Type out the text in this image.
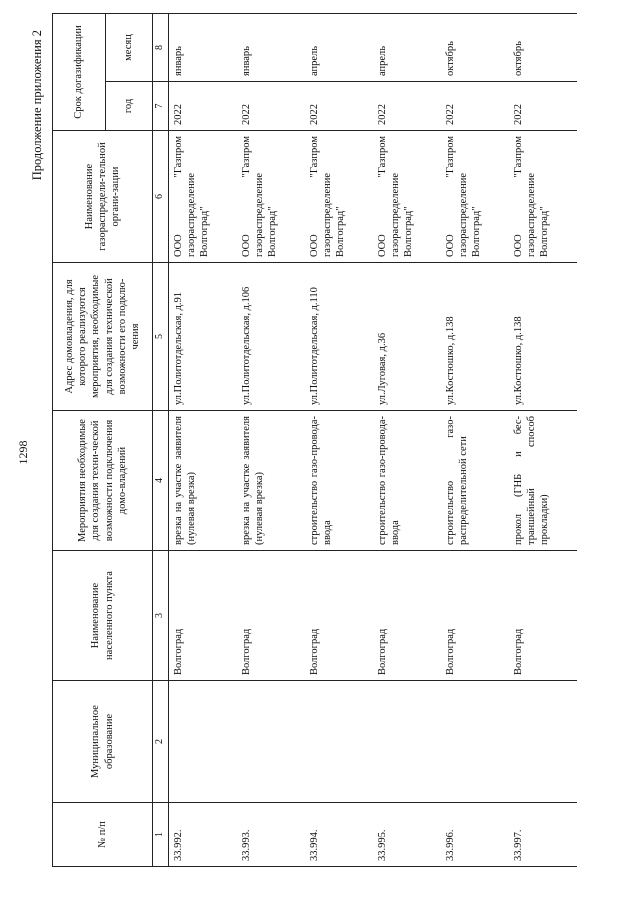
1298
Продолжение приложения 2
№ п/п	Муниципальное образование	Наименование населенного пункта	Мероприятия необходимые для создания техни-ческой возможности подключения домо-владений	Адрес домовладения, для которого реализуются мероприятия, необходимые для создания технической возможности его подклю-чения	Наименование газораспредели-тельной органи-зации	Срок догазификации	
						год	месяц
1	2	3	4	5	6	7	8
33.992.		Волгоград	врезка на участке заявителя (нулевая врезка)	ул.Политотдельская, д.91	ООО "Газпром газораспределение Волгоград"	2022	январь
33.993.		Волгоград	врезка на участке заявителя (нулевая врезка)	ул.Политотдельская, д.106	ООО "Газпром газораспределение Волгоград"	2022	январь
33.994.		Волгоград	строительство газо-провода-ввода	ул.Политотдельская, д.110	ООО "Газпром газораспределение Волгоград"	2022	апрель
33.995.		Волгоград	строительство газо-провода-ввода	ул.Луговая, д.36	ООО "Газпром газораспределение Волгоград"	2022	апрель
33.996.		Волгоград	строительство газо-распределительной сети	ул.Костюшко, д.138	ООО "Газпром газораспределение Волгоград"	2022	октябрь
33.997.		Волгоград	прокол (ГНБ и бес-траншейный способ прокладки)	ул.Костюшко, д.138	ООО "Газпром газораспределение Волгоград"	2022	октябрь
